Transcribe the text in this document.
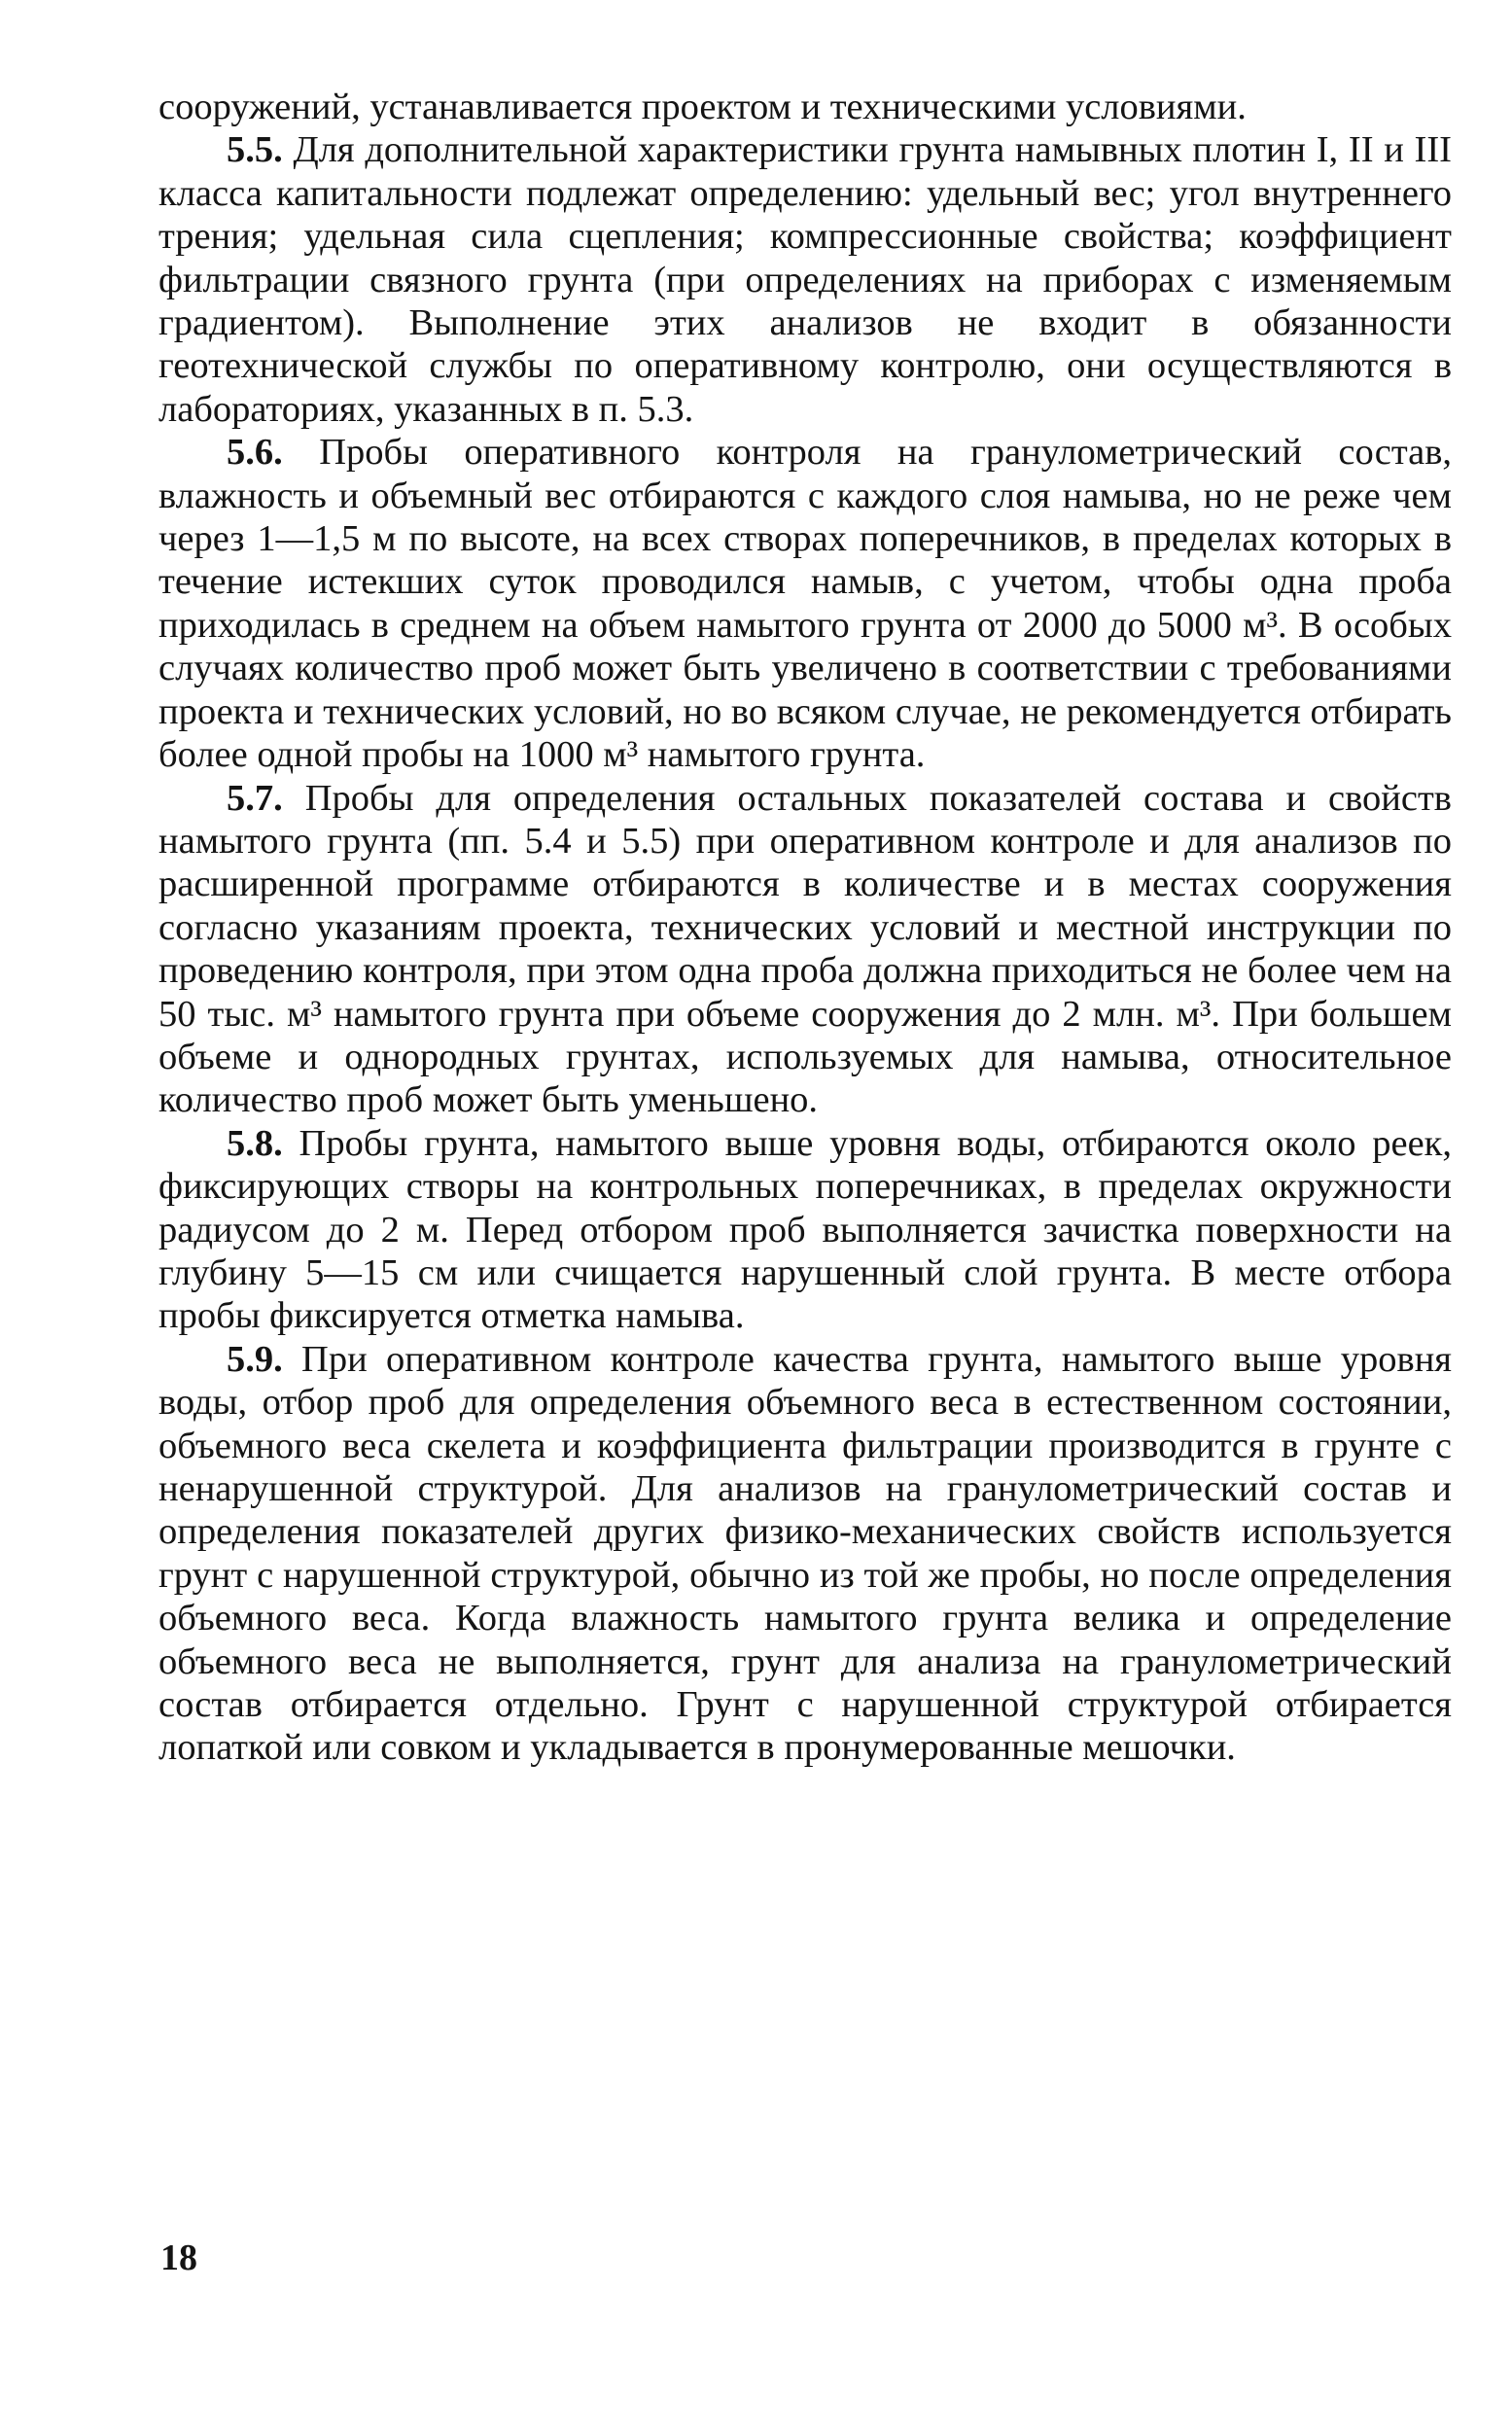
сооружений, устанавливается проектом и техническими условиями.

5.5. Для дополнительной характеристики грунта намывных плотин I, II и III класса капитальности подлежат определению: удельный вес; угол внутреннего трения; удельная сила сцепления; компрессионные свойства; коэффициент фильтрации связного грунта (при определениях на приборах с изменяемым градиентом). Выполнение этих анализов не входит в обязанности геотехнической службы по оперативному контролю, они осуществляются в лабораториях, указанных в п. 5.3.

5.6. Пробы оперативного контроля на гранулометрический состав, влажность и объемный вес отбираются с каждого слоя намыва, но не реже чем через 1—1,5 м по высоте, на всех створах поперечников, в пределах которых в течение истекших суток проводился намыв, с учетом, чтобы одна проба приходилась в среднем на объем намытого грунта от 2000 до 5000 м³. В особых случаях количество проб может быть увеличено в соответствии с требованиями проекта и технических условий, но во всяком случае, не рекомендуется отбирать более одной пробы на 1000 м³ намытого грунта.

5.7. Пробы для определения остальных показателей состава и свойств намытого грунта (пп. 5.4 и 5.5) при оперативном контроле и для анализов по расширенной программе отбираются в количестве и в местах сооружения согласно указаниям проекта, технических условий и местной инструкции по проведению контроля, при этом одна проба должна приходиться не более чем на 50 тыс. м³ намытого грунта при объеме сооружения до 2 млн. м³. При большем объеме и однородных грунтах, используемых для намыва, относительное количество проб может быть уменьшено.

5.8. Пробы грунта, намытого выше уровня воды, отбираются около реек, фиксирующих створы на контрольных поперечниках, в пределах окружности радиусом до 2 м. Перед отбором проб выполняется зачистка поверхности на глубину 5—15 см или счищается нарушенный слой грунта. В месте отбора пробы фиксируется отметка намыва.

5.9. При оперативном контроле качества грунта, намытого выше уровня воды, отбор проб для определения объемного веса в естественном состоянии, объемного веса скелета и коэффициента фильтрации производится в грунте с ненарушенной структурой. Для анализов на гранулометрический состав и определения показателей других физико-механических свойств используется грунт с нарушенной структурой, обычно из той же пробы, но после определения объемного веса. Когда влажность намытого грунта велика и определение объемного веса не выполняется, грунт для анализа на гранулометрический состав отбирается отдельно. Грунт с нарушенной структурой отбирается лопаткой или совком и укладывается в пронумерованные мешочки.

18
